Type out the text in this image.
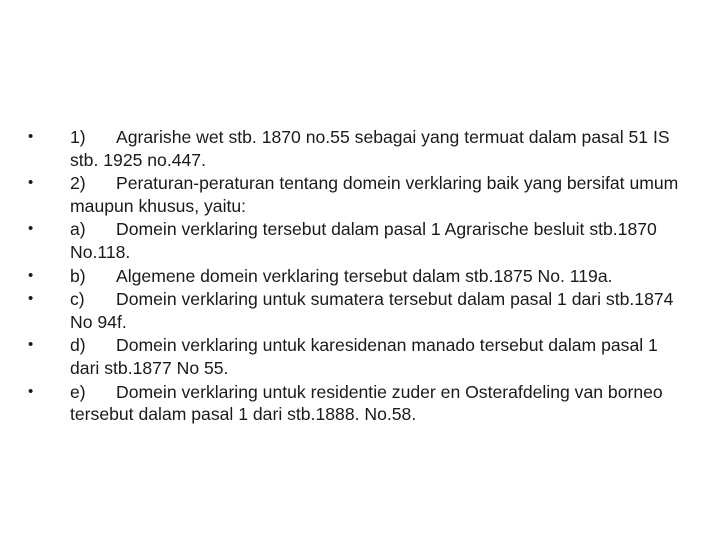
• 1) Agrarishe wet stb. 1870 no.55 sebagai yang termuat dalam pasal 51 IS stb. 1925 no.447.
• 2) Peraturan-peraturan tentang domein verklaring baik yang bersifat umum maupun khusus, yaitu:
• a) Domein verklaring tersebut dalam pasal 1 Agrarische besluit stb.1870 No.118.
• b) Algemene domein verklaring tersebut dalam stb.1875 No. 119a.
• c) Domein verklaring untuk sumatera tersebut dalam pasal 1 dari stb.1874 No 94f.
• d) Domein verklaring untuk karesidenan manado tersebut dalam pasal 1 dari stb.1877 No 55.
• e) Domein verklaring untuk residentie zuder en Osterafdeling van borneo tersebut dalam pasal 1 dari stb.1888. No.58.
